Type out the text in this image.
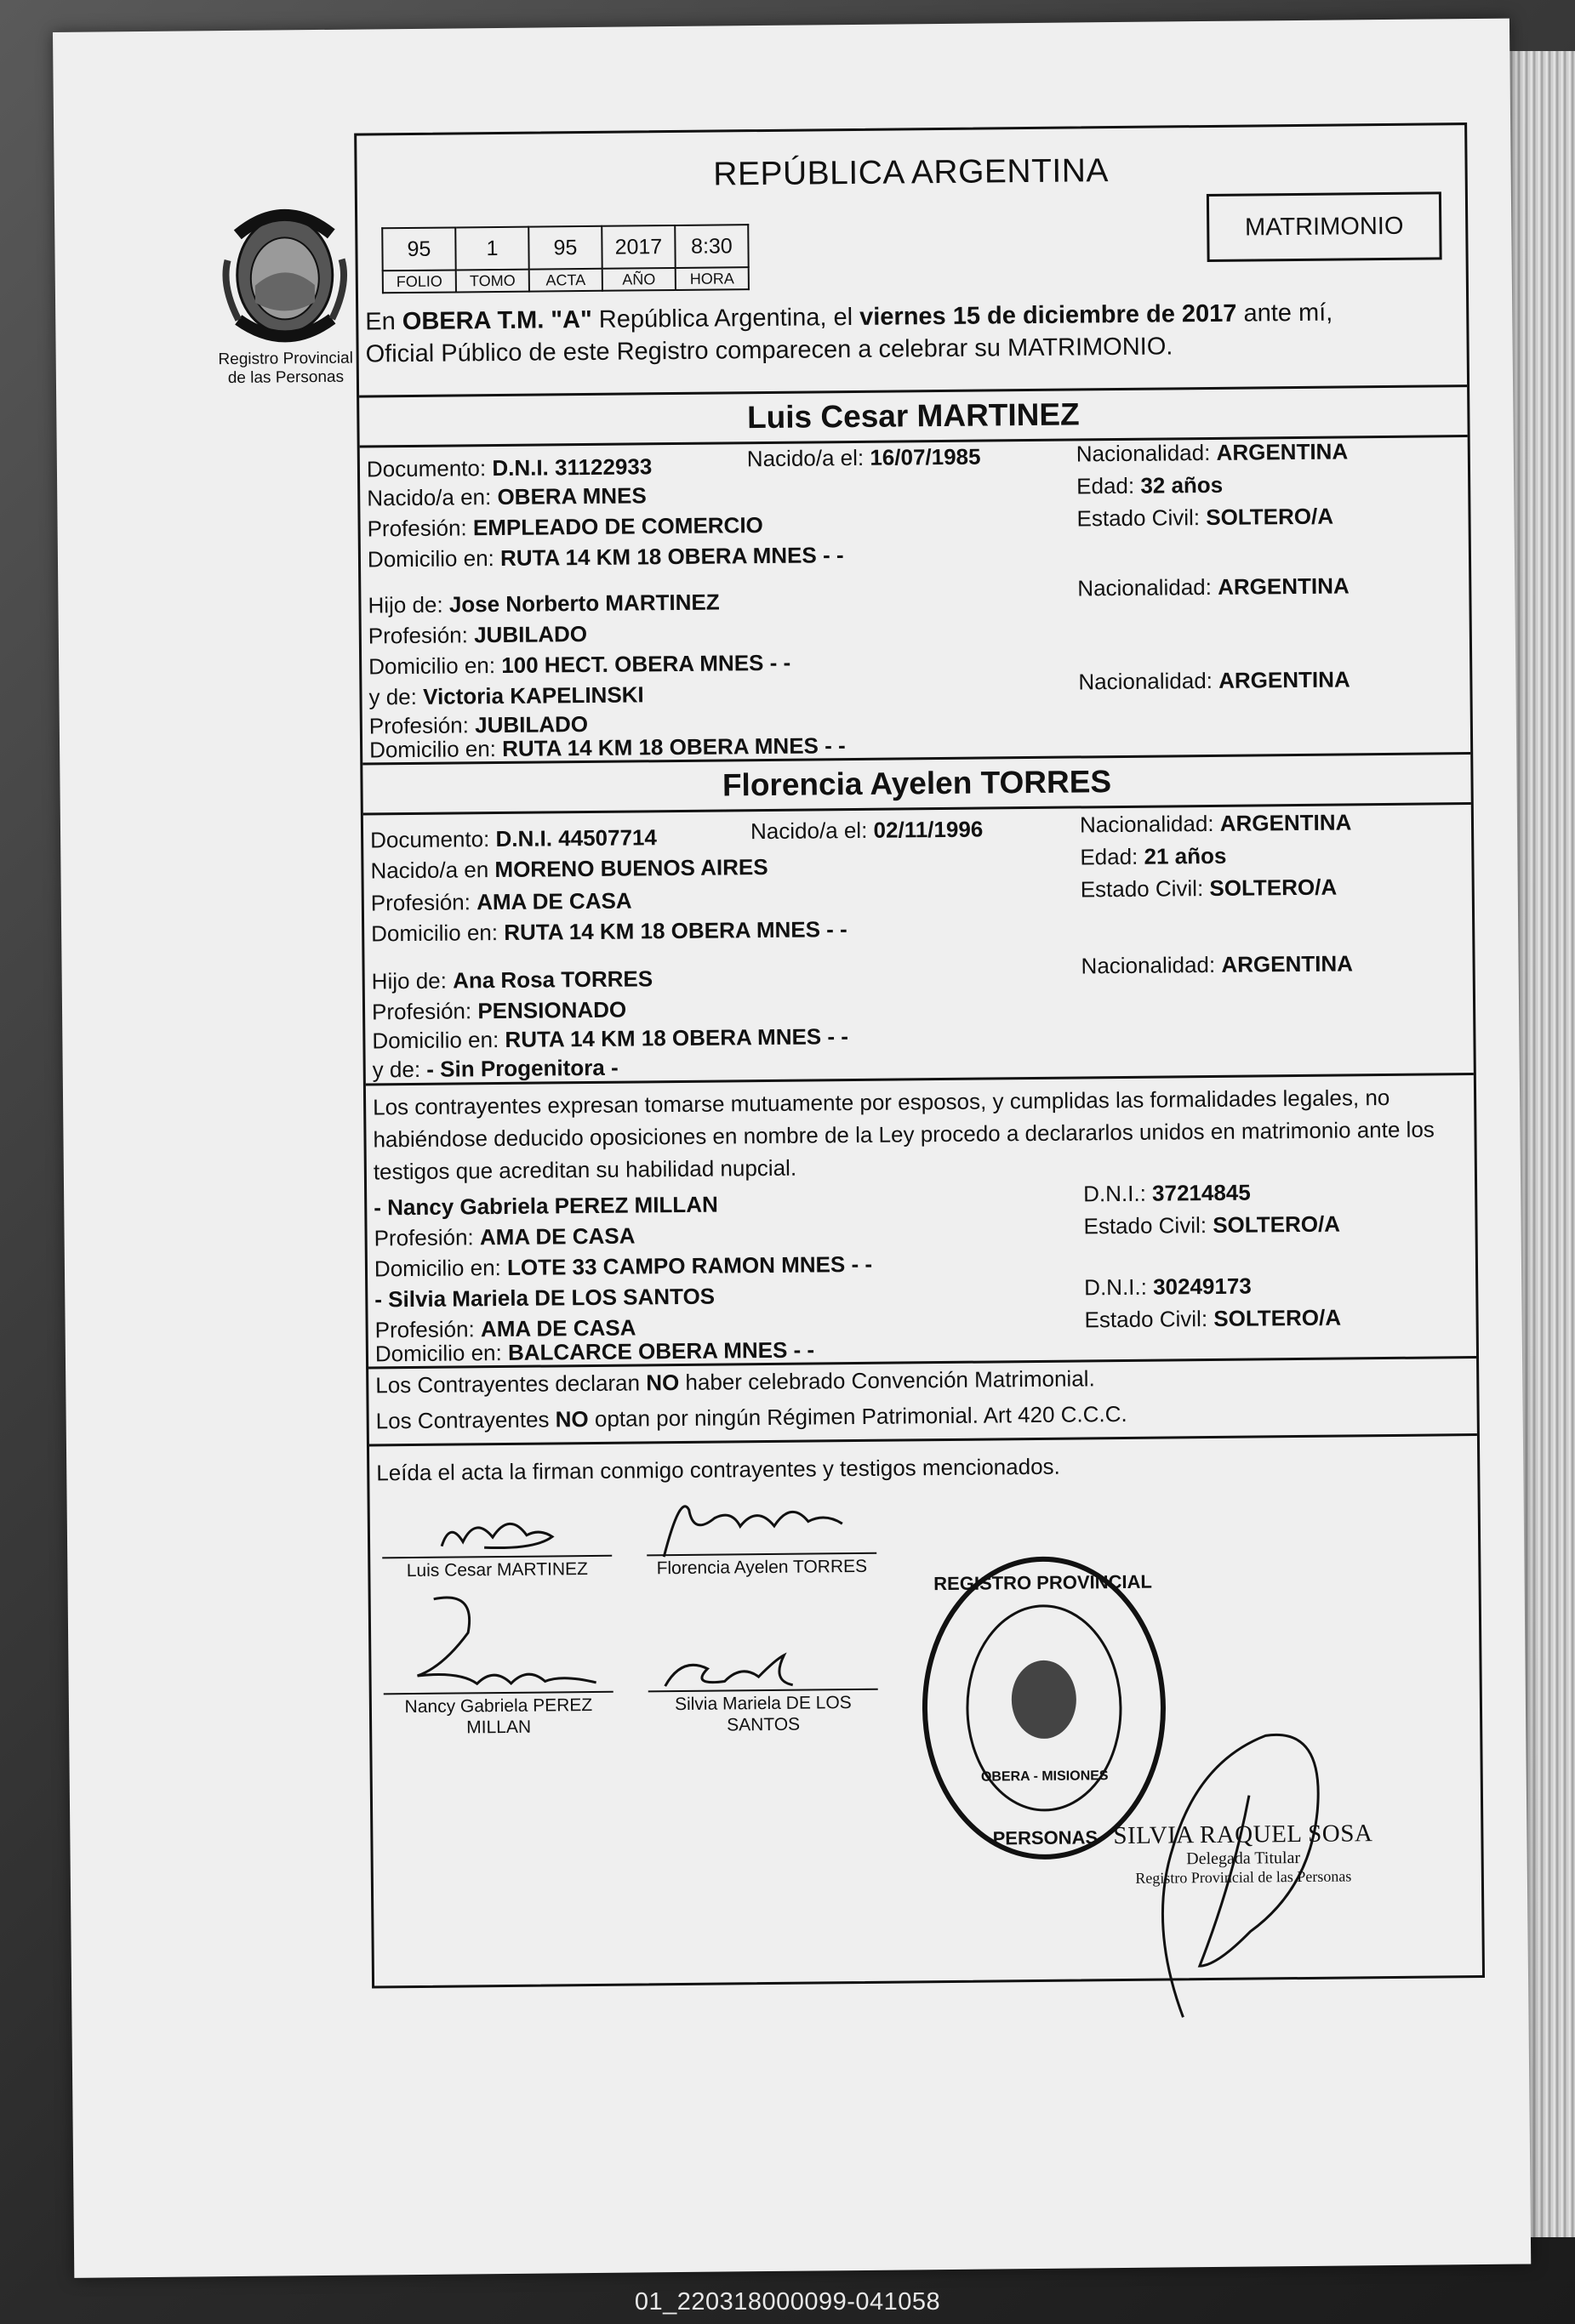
Registro Provincial
de las Personas
REPÚBLICA ARGENTINA
95	1	95	2017	8:30
FOLIO	TOMO	ACTA	AÑO	HORA
MATRIMONIO
En OBERA T.M. "A" República Argentina, el viernes 15 de diciembre de 2017 ante mí,
Oficial Público de este Registro comparecen a celebrar su MATRIMONIO.
Luis Cesar MARTINEZ
Documento: D.N.I. 31122933	Nacido/a el: 16/07/1985	Nacionalidad: ARGENTINA
Nacido/a en: OBERA MNES	Edad: 32 años
Profesión: EMPLEADO DE COMERCIO	Estado Civil: SOLTERO/A
Domicilio en: RUTA 14 KM 18 OBERA MNES - -
Hijo de: Jose Norberto MARTINEZ
Nacionalidad: ARGENTINA
Profesión: JUBILADO
Domicilio en: 100 HECT. OBERA MNES - -
y de: Victoria KAPELINSKI
Nacionalidad: ARGENTINA
Profesión: JUBILADO
Domicilio en: RUTA 14 KM 18 OBERA MNES - -
Florencia Ayelen TORRES
Documento: D.N.I. 44507714	Nacido/a el: 02/11/1996	Nacionalidad: ARGENTINA
Nacido/a en MORENO BUENOS AIRES	Edad: 21 años
Profesión: AMA DE CASA	Estado Civil: SOLTERO/A
Domicilio en: RUTA 14 KM 18 OBERA MNES - -
Hijo de: Ana Rosa TORRES
Nacionalidad: ARGENTINA
Profesión: PENSIONADO
Domicilio en: RUTA 14 KM 18 OBERA MNES - -
y de: - Sin Progenitora -
Los contrayentes expresan tomarse mutuamente por esposos, y cumplidas las formalidades legales, no habiéndose deducido oposiciones en nombre de la Ley procedo a declararlos unidos en matrimonio ante los testigos que acreditan su habilidad nupcial.
- Nancy Gabriela PEREZ MILLAN	D.N.I.: 37214845
Profesión: AMA DE CASA	Estado Civil: SOLTERO/A
Domicilio en: LOTE 33 CAMPO RAMON MNES - -
- Silvia Mariela DE LOS SANTOS	D.N.I.: 30249173
Profesión: AMA DE CASA	Estado Civil: SOLTERO/A
Domicilio en: BALCARCE OBERA MNES - -
Los Contrayentes declaran NO haber celebrado Convención Matrimonial.
Los Contrayentes NO optan por ningún Régimen Patrimonial. Art 420 C.C.C.
Leída el acta la firman conmigo contrayentes y testigos mencionados.
Luis Cesar MARTINEZ	Florencia Ayelen TORRES
Nancy Gabriela PEREZ
MILLAN
Silvia Mariela DE LOS
SANTOS
REGISTRO PROVINCIAL
PERSONAS
OBERA - MISIONES
SILVIA RAQUEL SOSA
Delegada Titular
Registro Provincial de las Personas
01_220318000099-041058
